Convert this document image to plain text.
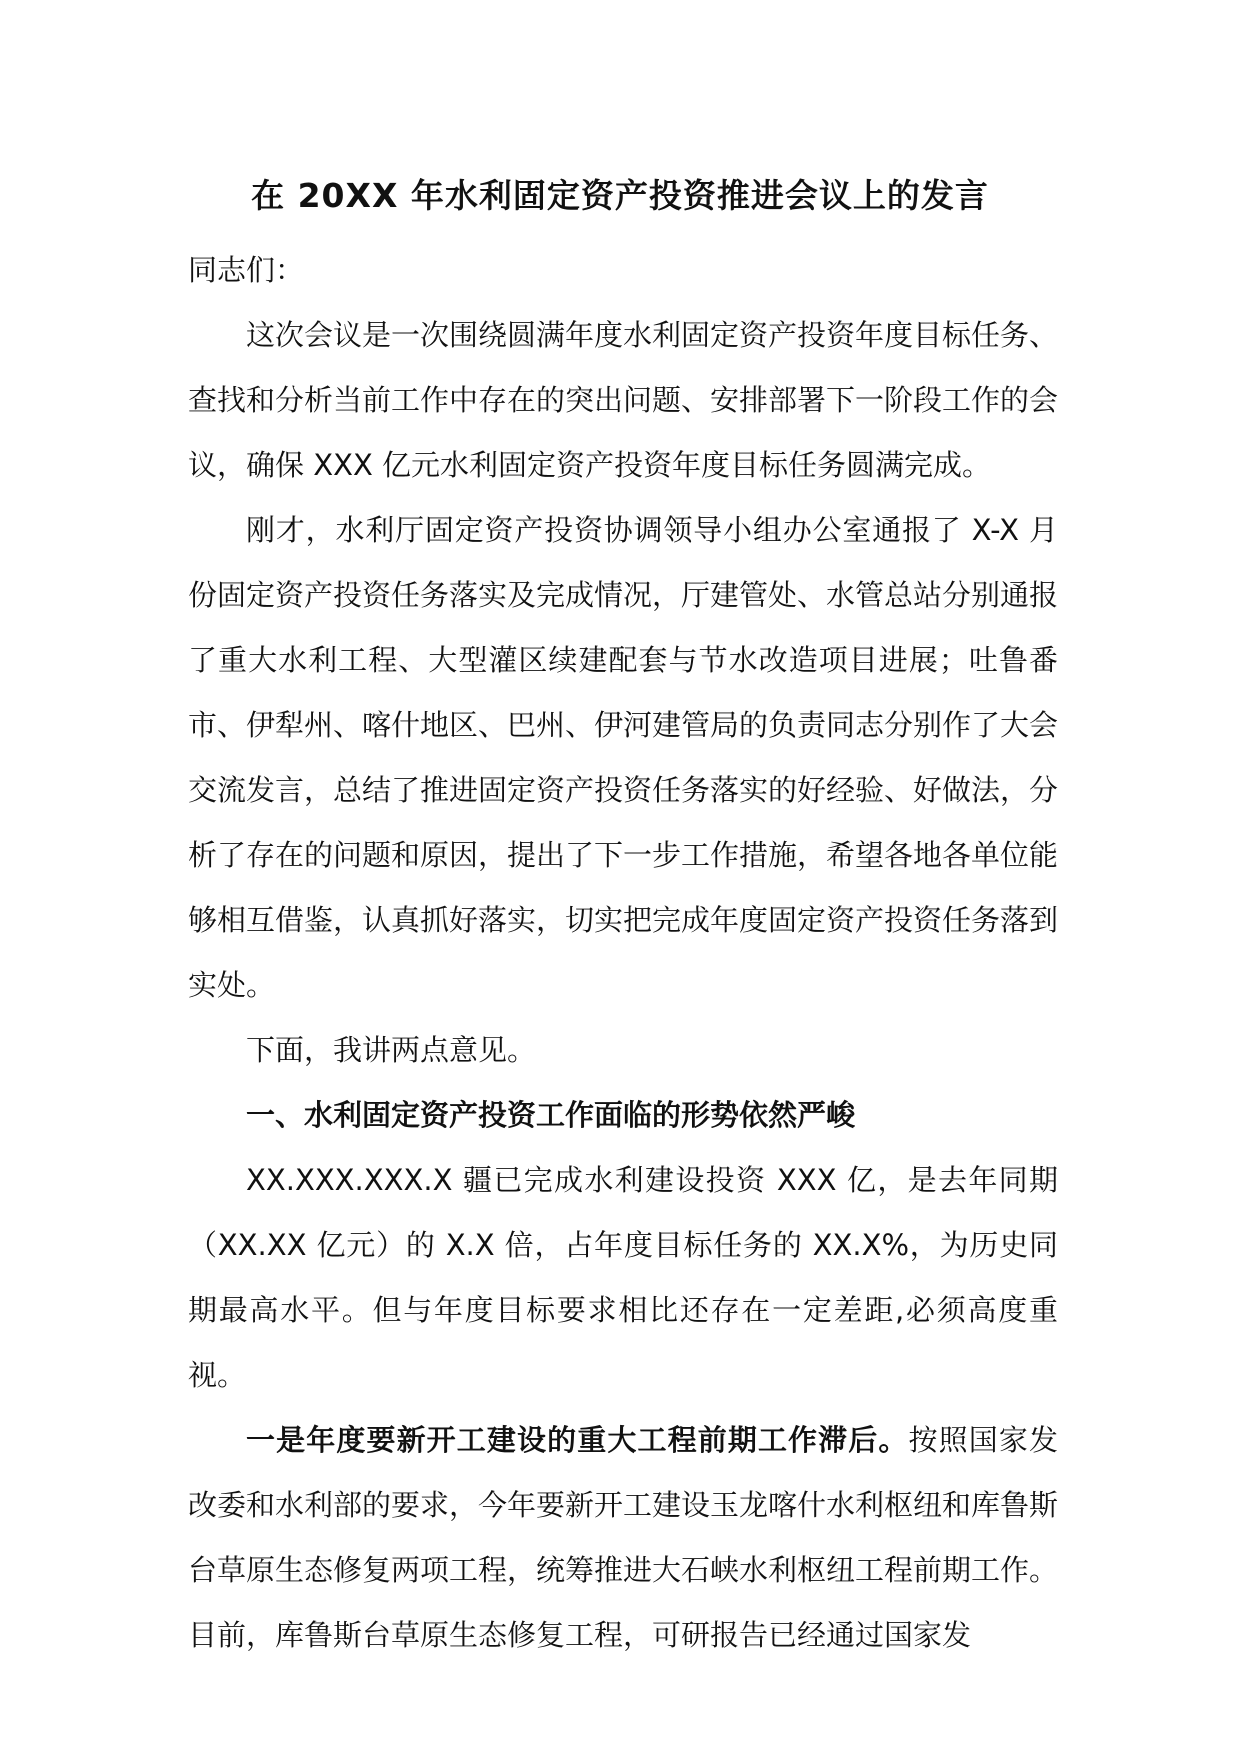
在 20XX 年水利固定资产投资推进会议上的发言

同志们：

这次会议是一次围绕圆满年度水利固定资产投资年度目标任务、查找和分析当前工作中存在的突出问题、安排部署下一阶段工作的会议，确保 XXX 亿元水利固定资产投资年度目标任务圆满完成。

刚才，水利厅固定资产投资协调领导小组办公室通报了 X-X 月份固定资产投资任务落实及完成情况，厅建管处、水管总站分别通报了重大水利工程、大型灌区续建配套与节水改造项目进展；吐鲁番市、伊犁州、喀什地区、巴州、伊河建管局的负责同志分别作了大会交流发言，总结了推进固定资产投资任务落实的好经验、好做法，分析了存在的问题和原因，提出了下一步工作措施，希望各地各单位能够相互借鉴，认真抓好落实，切实把完成年度固定资产投资任务落到实处。

下面，我讲两点意见。

一、水利固定资产投资工作面临的形势依然严峻

XX.XXX.XXX.X 疆已完成水利建设投资 XXX 亿，是去年同期（XX.XX 亿元）的 X.X 倍，占年度目标任务的 XX.X%，为历史同期最高水平。但与年度目标要求相比还存在一定差距,必须高度重视。

一是年度要新开工建设的重大工程前期工作滞后。按照国家发改委和水利部的要求，今年要新开工建设玉龙喀什水利枢纽和库鲁斯台草原生态修复两项工程，统筹推进大石峡水利枢纽工程前期工作。目前，库鲁斯台草原生态修复工程，可研报告已经通过国家发
